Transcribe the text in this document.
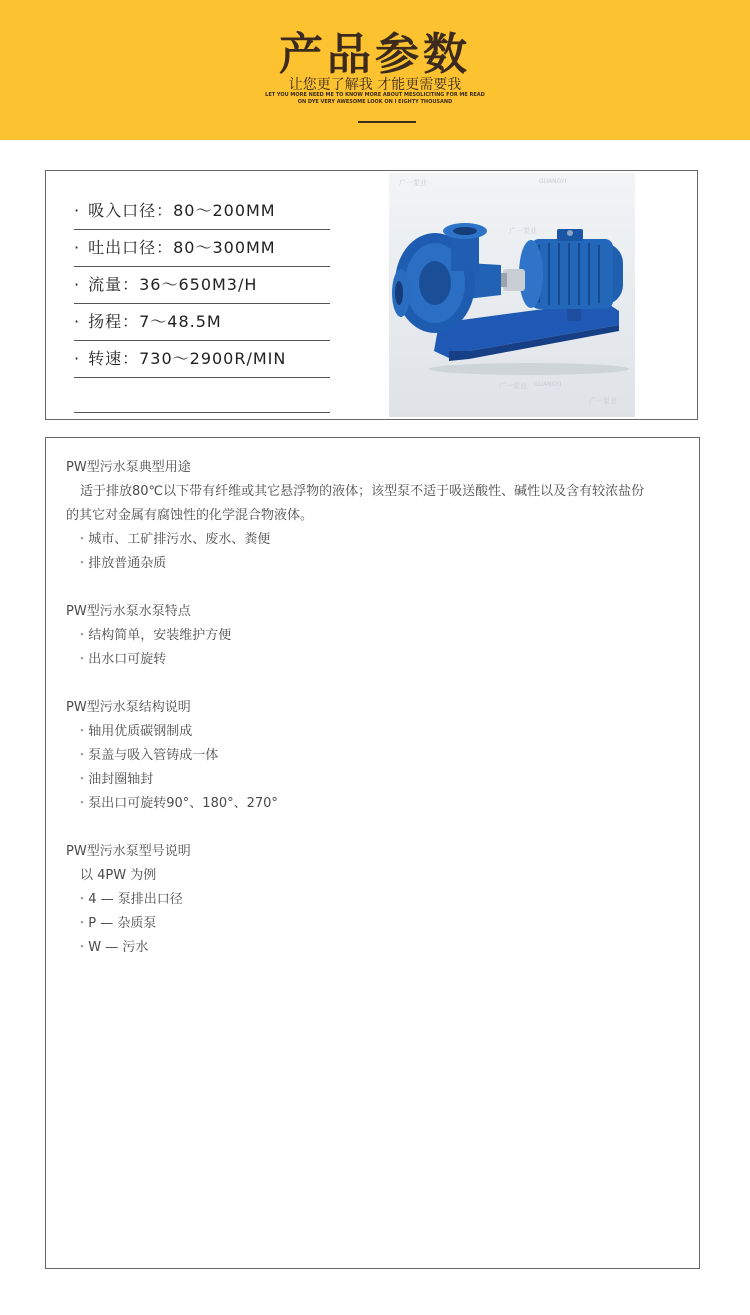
产品参数
让您更了解我 才能更需要我
LET YOU MORE NEED ME TO KNOW MORE ABOUT MESOLICITING FOR ME READ
ON DYE VERY AWESOME LOOK ON I EIGHTY THOUSAND
· 吸入口径：80～200MM
· 吐出口径：80～300MM
· 流量：36～650M3/H
· 扬程：7～48.5M
· 转速：730～2900R/MIN
广一泵业	GUANGYI
广一泵业
广一泵业 GUANGYI
广一泵业
PW型污水泵典型用途
适于排放80℃以下带有纤维或其它悬浮物的液体；该型泵不适于吸送酸性、碱性以及含有较浓盐份
的其它对金属有腐蚀性的化学混合物液体。
· 城市、工矿排污水、废水、粪便
· 排放普通杂质
PW型污水泵水泵特点
· 结构简单，安装维护方便
· 出水口可旋转
PW型污水泵结构说明
· 轴用优质碳钢制成
· 泵盖与吸入管铸成一体
· 油封圈轴封
· 泵出口可旋转90°、180°、270°
PW型污水泵型号说明
以 4PW 为例
· 4 — 泵排出口径
· P — 杂质泵
· W — 污水
